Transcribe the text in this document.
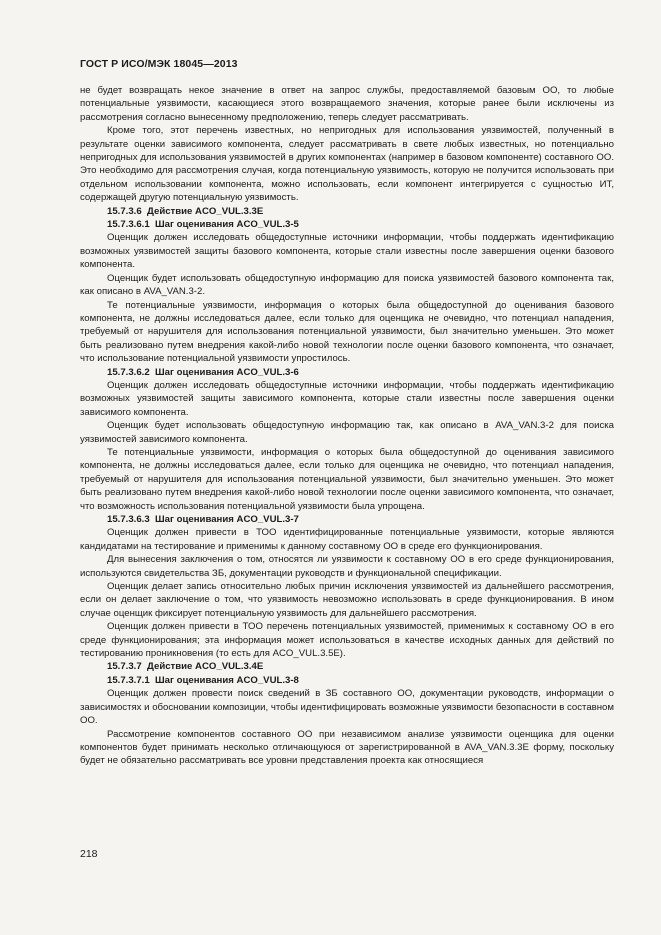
ГОСТ Р ИСО/МЭК 18045—2013

не будет возвращать некое значение в ответ на запрос службы, предоставляемой базовым ОО, то любые потенциальные уязвимости, касающиеся этого возвращаемого значения, которые ранее были исключены из рассмотрения согласно вынесенному предположению, теперь следует рассматривать.

Кроме того, этот перечень известных, но непригодных для использования уязвимостей, полученный в результате оценки зависимого компонента, следует рассматривать в свете любых известных, но потенциально непригодных для использования уязвимостей в других компонентах (например в базовом компоненте) составного ОО. Это необходимо для рассмотрения случая, когда потенциальную уязвимость, которую не получится использовать при отдельном использовании компонента, можно использовать, если компонент интегрируется с сущностью ИТ, содержащей другую потенциальную уязвимость.

15.7.3.6 Действие ACO_VUL.3.3E

15.7.3.6.1 Шаг оценивания ACO_VUL.3-5

Оценщик должен исследовать общедоступные источники информации, чтобы поддержать идентификацию возможных уязвимостей защиты базового компонента, которые стали известны после завершения оценки базового компонента.

Оценщик будет использовать общедоступную информацию для поиска уязвимостей базового компонента так, как описано в AVA_VAN.3-2.

Те потенциальные уязвимости, информация о которых была общедоступной до оценивания базового компонента, не должны исследоваться далее, если только для оценщика не очевидно, что потенциал нападения, требуемый от нарушителя для использования потенциальной уязвимости, был значительно уменьшен. Это может быть реализовано путем внедрения какой-либо новой технологии после оценки базового компонента, что означает, что использование потенциальной уязвимости упростилось.

15.7.3.6.2 Шаг оценивания ACO_VUL.3-6

Оценщик должен исследовать общедоступные источники информации, чтобы поддержать идентификацию возможных уязвимостей защиты зависимого компонента, которые стали известны после завершения оценки зависимого компонента.

Оценщик будет использовать общедоступную информацию так, как описано в AVA_VAN.3-2 для поиска уязвимостей зависимого компонента.

Те потенциальные уязвимости, информация о которых была общедоступной до оценивания зависимого компонента, не должны исследоваться далее, если только для оценщика не очевидно, что потенциал нападения, требуемый от нарушителя для использования потенциальной уязвимости, был значительно уменьшен. Это может быть реализовано путем внедрения какой-либо новой технологии после оценки зависимого компонента, что означает, что возможность использования потенциальной уязвимости была упрощена.

15.7.3.6.3 Шаг оценивания ACO_VUL.3-7

Оценщик должен привести в ТОО идентифицированные потенциальные уязвимости, которые являются кандидатами на тестирование и применимы к данному составному ОО в среде его функционирования.

Для вынесения заключения о том, относятся ли уязвимости к составному ОО в его среде функционирования, используются свидетельства ЗБ, документации руководств и функциональной спецификации.

Оценщик делает запись относительно любых причин исключения уязвимостей из дальнейшего рассмотрения, если он делает заключение о том, что уязвимость невозможно использовать в среде функционирования. В ином случае оценщик фиксирует потенциальную уязвимость для дальнейшего рассмотрения.

Оценщик должен привести в ТОО перечень потенциальных уязвимостей, применимых к составному ОО в его среде функционирования; эта информация может использоваться в качестве исходных данных для действий по тестированию проникновения (то есть для ACO_VUL.3.5E).

15.7.3.7 Действие ACO_VUL.3.4E

15.7.3.7.1 Шаг оценивания ACO_VUL.3-8

Оценщик должен провести поиск сведений в ЗБ составного ОО, документации руководств, информации о зависимостях и обосновании композиции, чтобы идентифицировать возможные уязвимости безопасности в составном ОО.

Рассмотрение компонентов составного ОО при независимом анализе уязвимости оценщика для оценки компонентов будет принимать несколько отличающуюся от зарегистрированной в AVA_VAN.3.3E форму, поскольку будет не обязательно рассматривать все уровни представления проекта как относящиеся

218
